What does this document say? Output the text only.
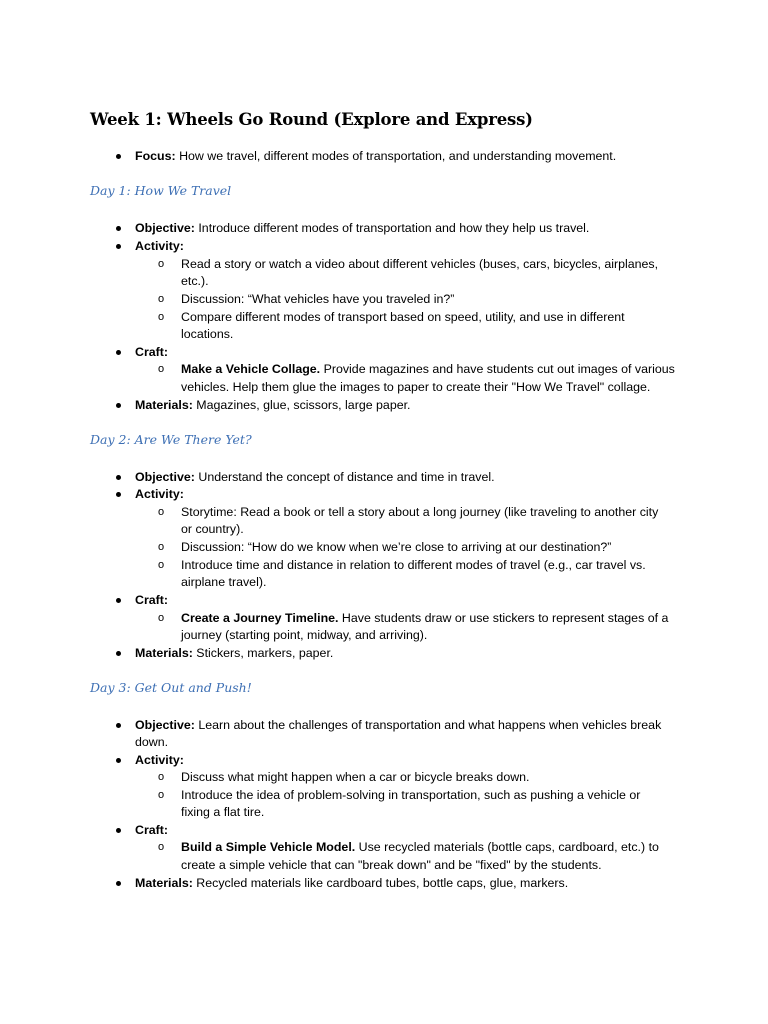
Week 1: Wheels Go Round (Explore and Express)
Focus: How we travel, different modes of transportation, and understanding movement.
Day 1: How We Travel
Objective: Introduce different modes of transportation and how they help us travel.
Activity:
o Read a story or watch a video about different vehicles (buses, cars, bicycles, airplanes,
etc.).
o Discussion: “What vehicles have you traveled in?”
o Compare different modes of transport based on speed, utility, and use in different
locations.
Craft:
o Make a Vehicle Collage. Provide magazines and have students cut out images of various
vehicles. Help them glue the images to paper to create their "How We Travel" collage.
Materials: Magazines, glue, scissors, large paper.
Day 2: Are We There Yet?
Objective: Understand the concept of distance and time in travel.
Activity:
o Storytime: Read a book or tell a story about a long journey (like traveling to another city
or country).
o Discussion: “How do we know when we’re close to arriving at our destination?”
o Introduce time and distance in relation to different modes of travel (e.g., car travel vs.
airplane travel).
Craft:
o Create a Journey Timeline. Have students draw or use stickers to represent stages of a
journey (starting point, midway, and arriving).
Materials: Stickers, markers, paper.
Day 3: Get Out and Push!
Objective: Learn about the challenges of transportation and what happens when vehicles break
down.
Activity:
o Discuss what might happen when a car or bicycle breaks down.
o Introduce the idea of problem-solving in transportation, such as pushing a vehicle or
fixing a flat tire.
Craft:
o Build a Simple Vehicle Model. Use recycled materials (bottle caps, cardboard, etc.) to
create a simple vehicle that can "break down" and be "fixed" by the students.
Materials: Recycled materials like cardboard tubes, bottle caps, glue, markers.
